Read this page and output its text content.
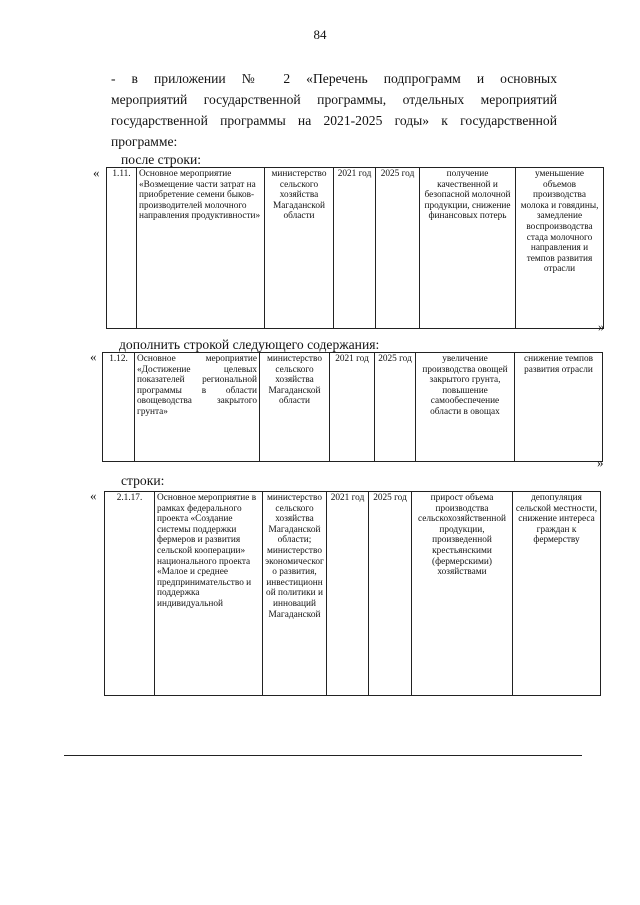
84
- в приложении № 2 «Перечень подпрограмм и основных
мероприятий государственной программы, отдельных мероприятий
государственной программы на 2021-2025 годы» к государственной
программе:
после строки:
« 1.11.	Основное мероприятие «Возмещение части затрат на приобретение семени быков-производителей молочного направления продуктивности»	министерство сельского хозяйства Магаданской области	2021 год	2025 год	получение качественной и безопасной молочной продукции, снижение финансовых потерь	уменьшение объемов производства молока и говядины, замедление воспроизводства стада молочного направления и темпов развития отрасли
»
дополнить строкой следующего содержания:
« 1.12.	Основное мероприятие «Достижение целевых показателей региональной программы в области овощеводства закрытого грунта»	министерство сельского хозяйства Магаданской области	2021 год	2025 год	увеличение производства овощей закрытого грунта, повышение самообеспечение области в овощах	снижение темпов развития отрасли
»
строки:
« 2.1.17.	Основное мероприятие в рамках федерального проекта «Создание системы поддержки фермеров и развития сельской кооперации» национального проекта «Малое и среднее предпринимательство и поддержка индивидуальной	министерство сельского хозяйства Магаданской области; министерство экономического развития, инвестиционной политики и инноваций Магаданской	2021 год	2025 год	прирост объема производства сельскохозяйственной продукции, произведенной крестьянскими (фермерскими) хозяйствами	депопуляция сельской местности, снижение интереса граждан к фермерству
